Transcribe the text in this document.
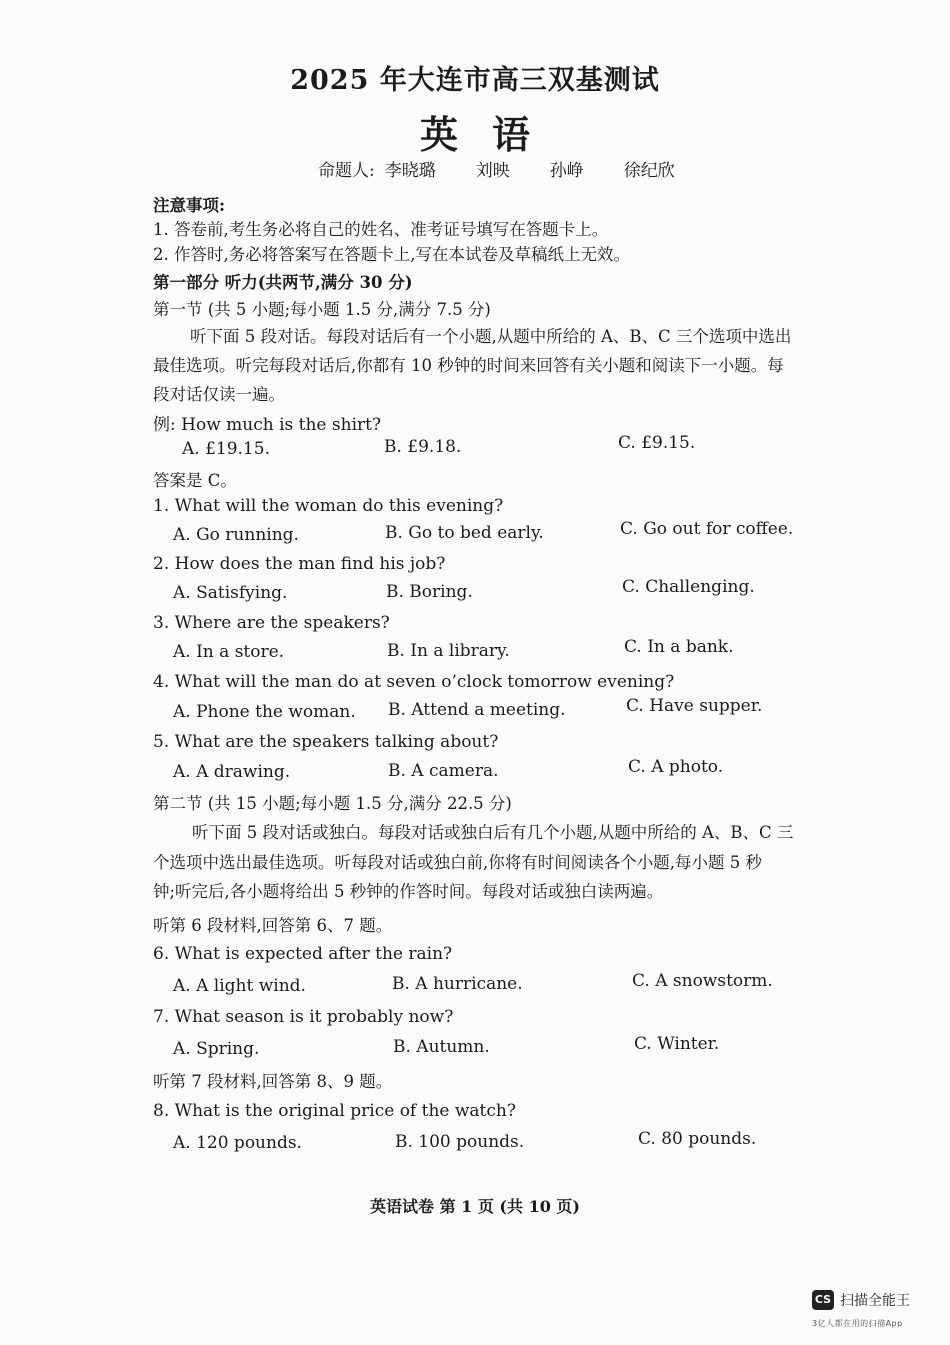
2025 年大连市高三双基测试
英语
命题人: 李晓璐 刘映 孙峥 徐纪欣
注意事项:
1. 答卷前,考生务必将自己的姓名、准考证号填写在答题卡上。
2. 作答时,务必将答案写在答题卡上,写在本试卷及草稿纸上无效。
第一部分 听力(共两节,满分 30 分)
第一节 (共 5 小题;每小题 1.5 分,满分 7.5 分)
听下面 5 段对话。每段对话后有一个小题,从题中所给的 A、B、C 三个选项中选出
最佳选项。听完每段对话后,你都有 10 秒钟的时间来回答有关小题和阅读下一小题。每
段对话仅读一遍。
例: How much is the shirt?
A. £19.15.	B. £9.18.	C. £9.15.
答案是 C。
1. What will the woman do this evening?
A. Go running.	B. Go to bed early.	C. Go out for coffee.
2. How does the man find his job?
A. Satisfying.	B. Boring.	C. Challenging.
3. Where are the speakers?
A. In a store.	B. In a library.	C. In a bank.
4. What will the man do at seven o’clock tomorrow evening?
A. Phone the woman. B. Attend a meeting.	C. Have supper.
5. What are the speakers talking about?
A. A drawing.	B. A camera.	C. A photo.
第二节 (共 15 小题;每小题 1.5 分,满分 22.5 分)
听下面 5 段对话或独白。每段对话或独白后有几个小题,从题中所给的 A、B、C 三
个选项中选出最佳选项。听每段对话或独白前,你将有时间阅读各个小题,每小题 5 秒
钟;听完后,各小题将给出 5 秒钟的作答时间。每段对话或独白读两遍。
听第 6 段材料,回答第 6、7 题。
6. What is expected after the rain?
A. A light wind.	B. A hurricane.	C. A snowstorm.
7. What season is it probably now?
A. Spring.	B. Autumn.	C. Winter.
听第 7 段材料,回答第 8、9 题。
8. What is the original price of the watch?
A. 120 pounds.	B. 100 pounds.	C. 80 pounds.
英语试卷 第 1 页 (共 10 页)
CS 扫描全能王
3亿人都在用的扫描App
